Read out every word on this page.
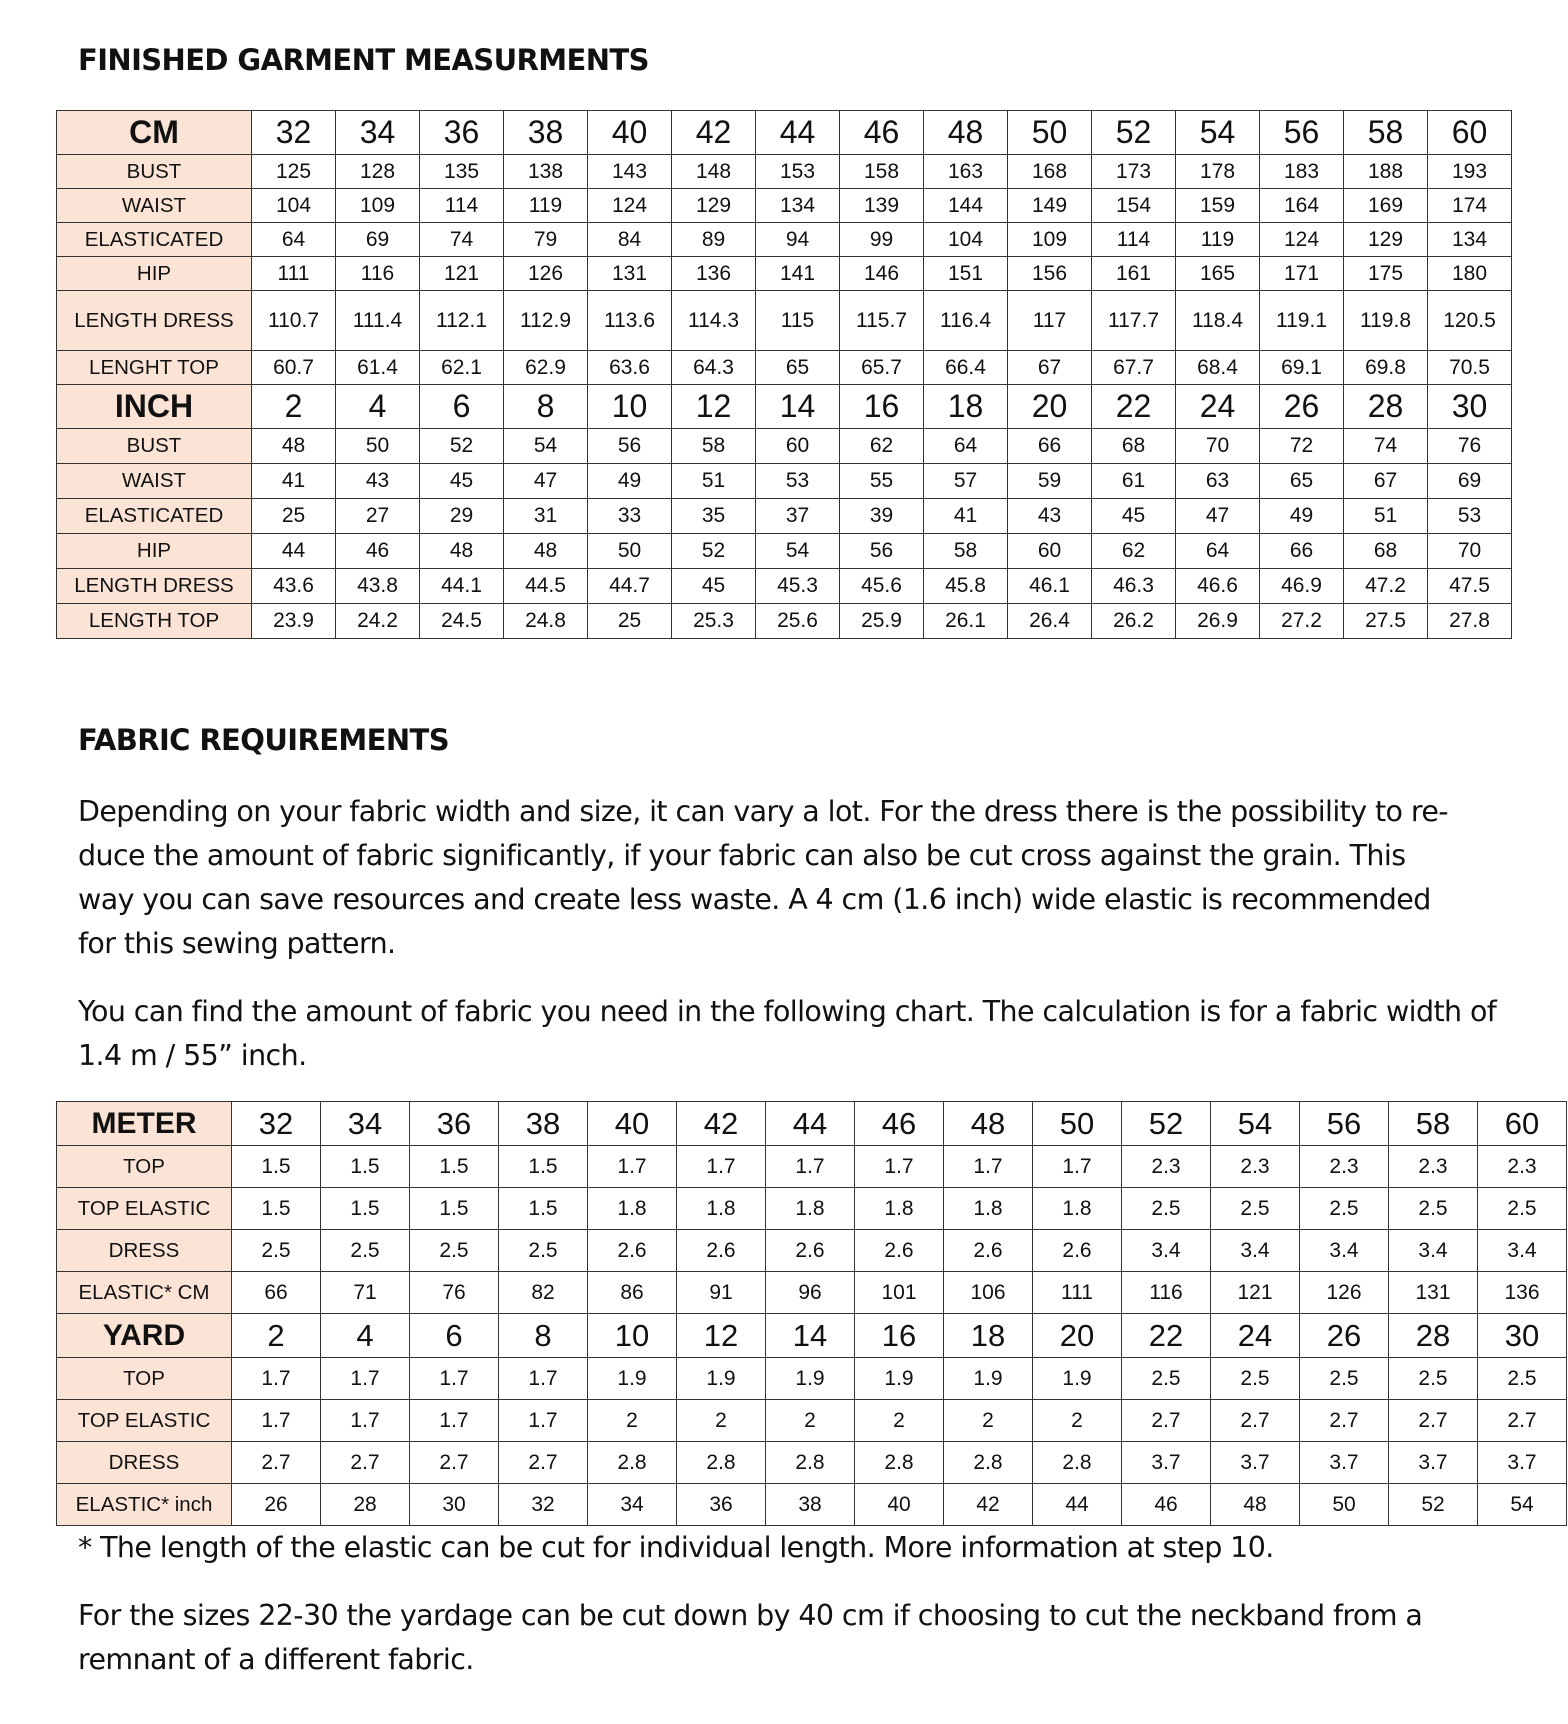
FINISHED GARMENT MEASURMENTS
CM	32	34	36	38	40	42	44	46	48	50	52	54	56	58	60
BUST	125	128	135	138	143	148	153	158	163	168	173	178	183	188	193
WAIST	104	109	114	119	124	129	134	139	144	149	154	159	164	169	174
ELASTICATED	64	69	74	79	84	89	94	99	104	109	114	119	124	129	134
HIP	111	116	121	126	131	136	141	146	151	156	161	165	171	175	180
LENGTH DRESS	110.7	111.4	112.1	112.9	113.6	114.3	115	115.7	116.4	117	117.7	118.4	119.1	119.8	120.5
LENGHT TOP	60.7	61.4	62.1	62.9	63.6	64.3	65	65.7	66.4	67	67.7	68.4	69.1	69.8	70.5
INCH	2	4	6	8	10	12	14	16	18	20	22	24	26	28	30
BUST	48	50	52	54	56	58	60	62	64	66	68	70	72	74	76
WAIST	41	43	45	47	49	51	53	55	57	59	61	63	65	67	69
ELASTICATED	25	27	29	31	33	35	37	39	41	43	45	47	49	51	53
HIP	44	46	48	48	50	52	54	56	58	60	62	64	66	68	70
LENGTH DRESS	43.6	43.8	44.1	44.5	44.7	45	45.3	45.6	45.8	46.1	46.3	46.6	46.9	47.2	47.5
LENGTH TOP	23.9	24.2	24.5	24.8	25	25.3	25.6	25.9	26.1	26.4	26.2	26.9	27.2	27.5	27.8
FABRIC REQUIREMENTS

Depending on your fabric width and size, it can vary a lot. For the dress there is the possibility to re-duce the amount of fabric significantly, if your fabric can also be cut cross against the grain. This way you can save resources and create less waste. A 4 cm (1.6 inch) wide elastic is recommended for this sewing pattern.

You can find the amount of fabric you need in the following chart. The calculation is for a fabric width of 1.4 m / 55” inch.

METER	32	34	36	38	40	42	44	46	48	50	52	54	56	58	60
TOP	1.5	1.5	1.5	1.5	1.7	1.7	1.7	1.7	1.7	1.7	2.3	2.3	2.3	2.3	2.3
TOP ELASTIC	1.5	1.5	1.5	1.5	1.8	1.8	1.8	1.8	1.8	1.8	2.5	2.5	2.5	2.5	2.5
DRESS	2.5	2.5	2.5	2.5	2.6	2.6	2.6	2.6	2.6	2.6	3.4	3.4	3.4	3.4	3.4
ELASTIC* CM	66	71	76	82	86	91	96	101	106	111	116	121	126	131	136
YARD	2	4	6	8	10	12	14	16	18	20	22	24	26	28	30
TOP	1.7	1.7	1.7	1.7	1.9	1.9	1.9	1.9	1.9	1.9	2.5	2.5	2.5	2.5	2.5
TOP ELASTIC	1.7	1.7	1.7	1.7	2	2	2	2	2	2	2.7	2.7	2.7	2.7	2.7
DRESS	2.7	2.7	2.7	2.7	2.8	2.8	2.8	2.8	2.8	2.8	3.7	3.7	3.7	3.7	3.7
ELASTIC* inch	26	28	30	32	34	36	38	40	42	44	46	48	50	52	54

* The length of the elastic can be cut for individual length. More information at step 10.

For the sizes 22-30 the yardage can be cut down by 40 cm if choosing to cut the neckband from a remnant of a different fabric.
